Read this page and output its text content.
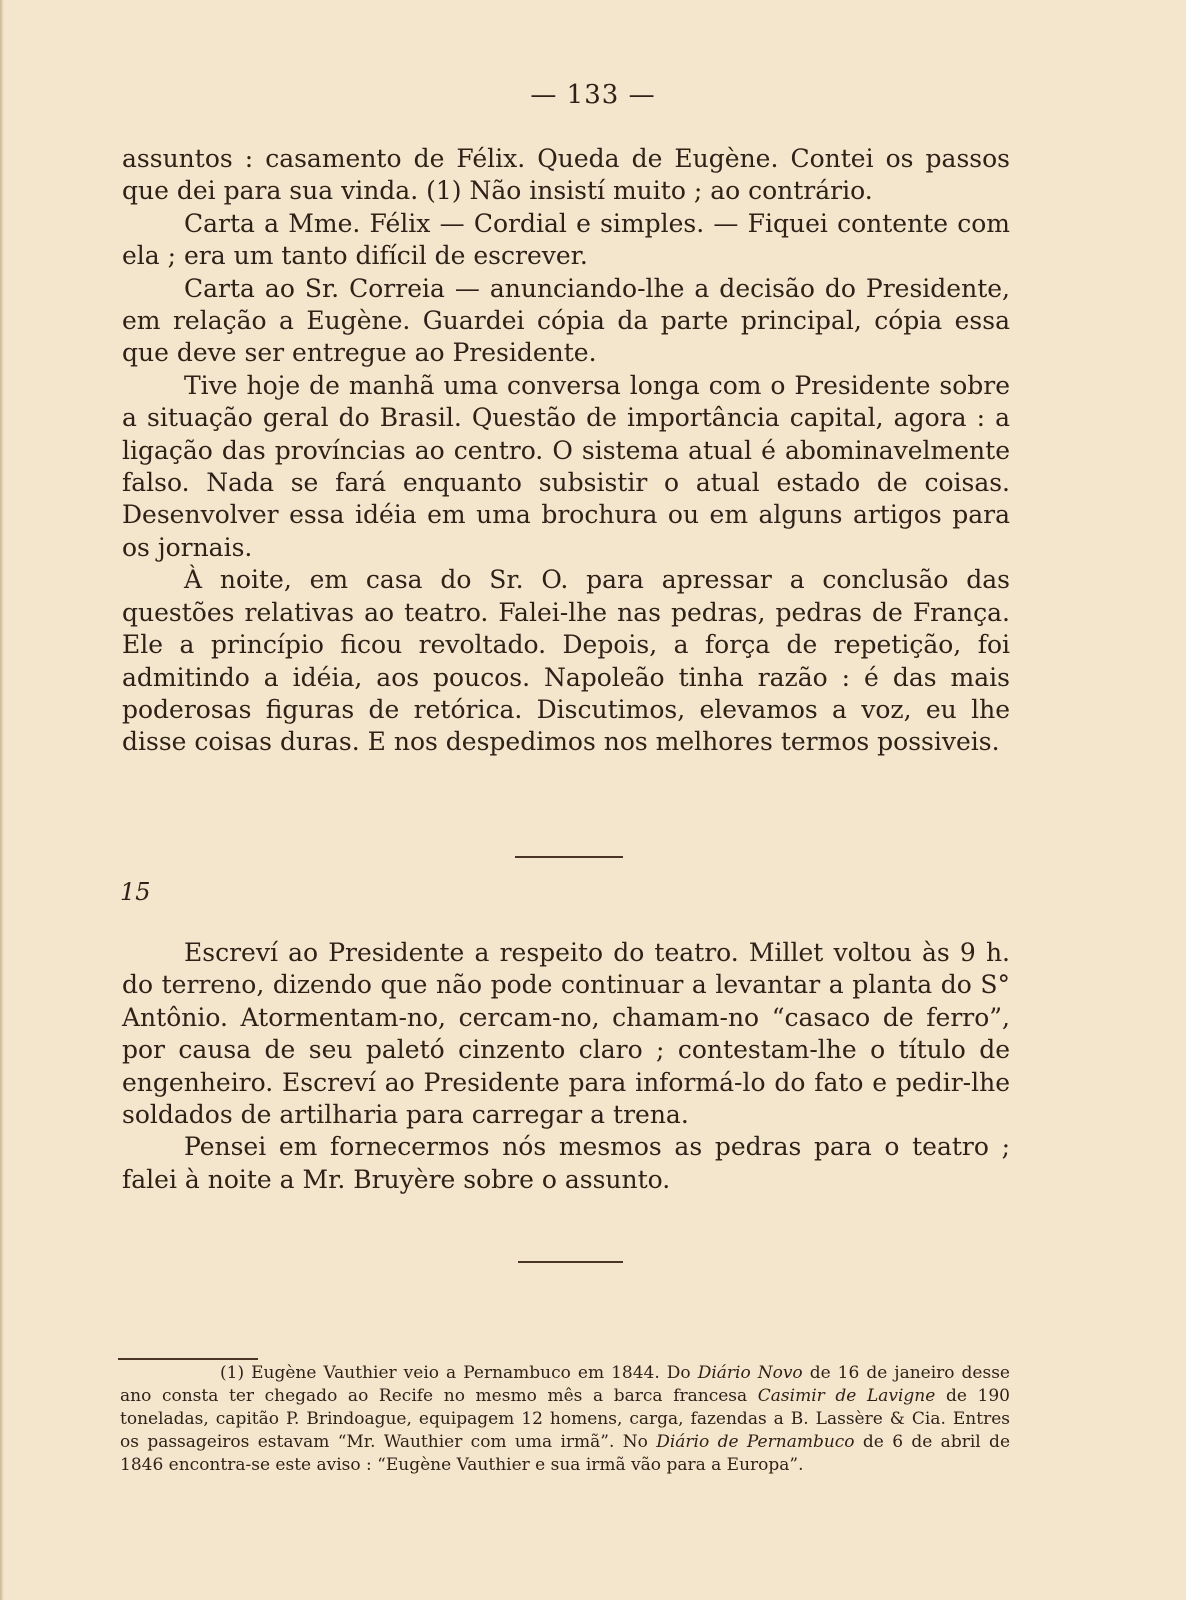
— 133 —

assuntos : casamento de Félix. Queda de Eugène. Contei os passos que dei para sua vinda. (1) Não insistí muito ; ao contrário.

Carta a Mme. Félix — Cordial e simples. — Fiquei contente com ela ; era um tanto difícil de escrever.

Carta ao Sr. Correia — anunciando-lhe a decisão do Presidente, em relação a Eugène. Guardei cópia da parte principal, cópia essa que deve ser entregue ao Presidente.

Tive hoje de manhã uma conversa longa com o Presidente sobre a situação geral do Brasil. Questão de importância capital, agora : a ligação das províncias ao centro. O sistema atual é abominavelmente falso. Nada se fará enquanto subsistir o atual estado de coisas. Desenvolver essa idéia em uma brochura ou em alguns artigos para os jornais.

À noite, em casa do Sr. O. para apressar a conclusão das questões relativas ao teatro. Falei-lhe nas pedras, pedras de França. Ele a princípio ficou revoltado. Depois, a força de repetição, foi admitindo a idéia, aos poucos. Napoleão tinha razão : é das mais poderosas figuras de retórica. Discutimos, elevamos a voz, eu lhe disse coisas duras. E nos despedimos nos melhores termos possiveis.

15

Escreví ao Presidente a respeito do teatro. Millet voltou às 9 h. do terreno, dizendo que não pode continuar a levantar a planta do S° Antônio. Atormentam-no, cercam-no, chamam-no “casaco de ferro”, por causa de seu paletó cinzento claro ; contestam-lhe o título de engenheiro. Escreví ao Presidente para informá-lo do fato e pedir-lhe soldados de artilharia para carregar a trena.

Pensei em fornecermos nós mesmos as pedras para o teatro ; falei à noite a Mr. Bruyère sobre o assunto.

(1) Eugène Vauthier veio a Pernambuco em 1844. Do Diário Novo de 16 de janeiro desse ano consta ter chegado ao Recife no mesmo mês a barca francesa Casimir de Lavigne de 190 toneladas, capitão P. Brindoague, equipagem 12 homens, carga, fazendas a B. Lassère & Cia. Entres os passageiros estavam “Mr. Wauthier com uma irmã”. No Diário de Pernambuco de 6 de abril de 1846 encontra-se este aviso : “Eugène Vauthier e sua irmã vão para a Europa”.
